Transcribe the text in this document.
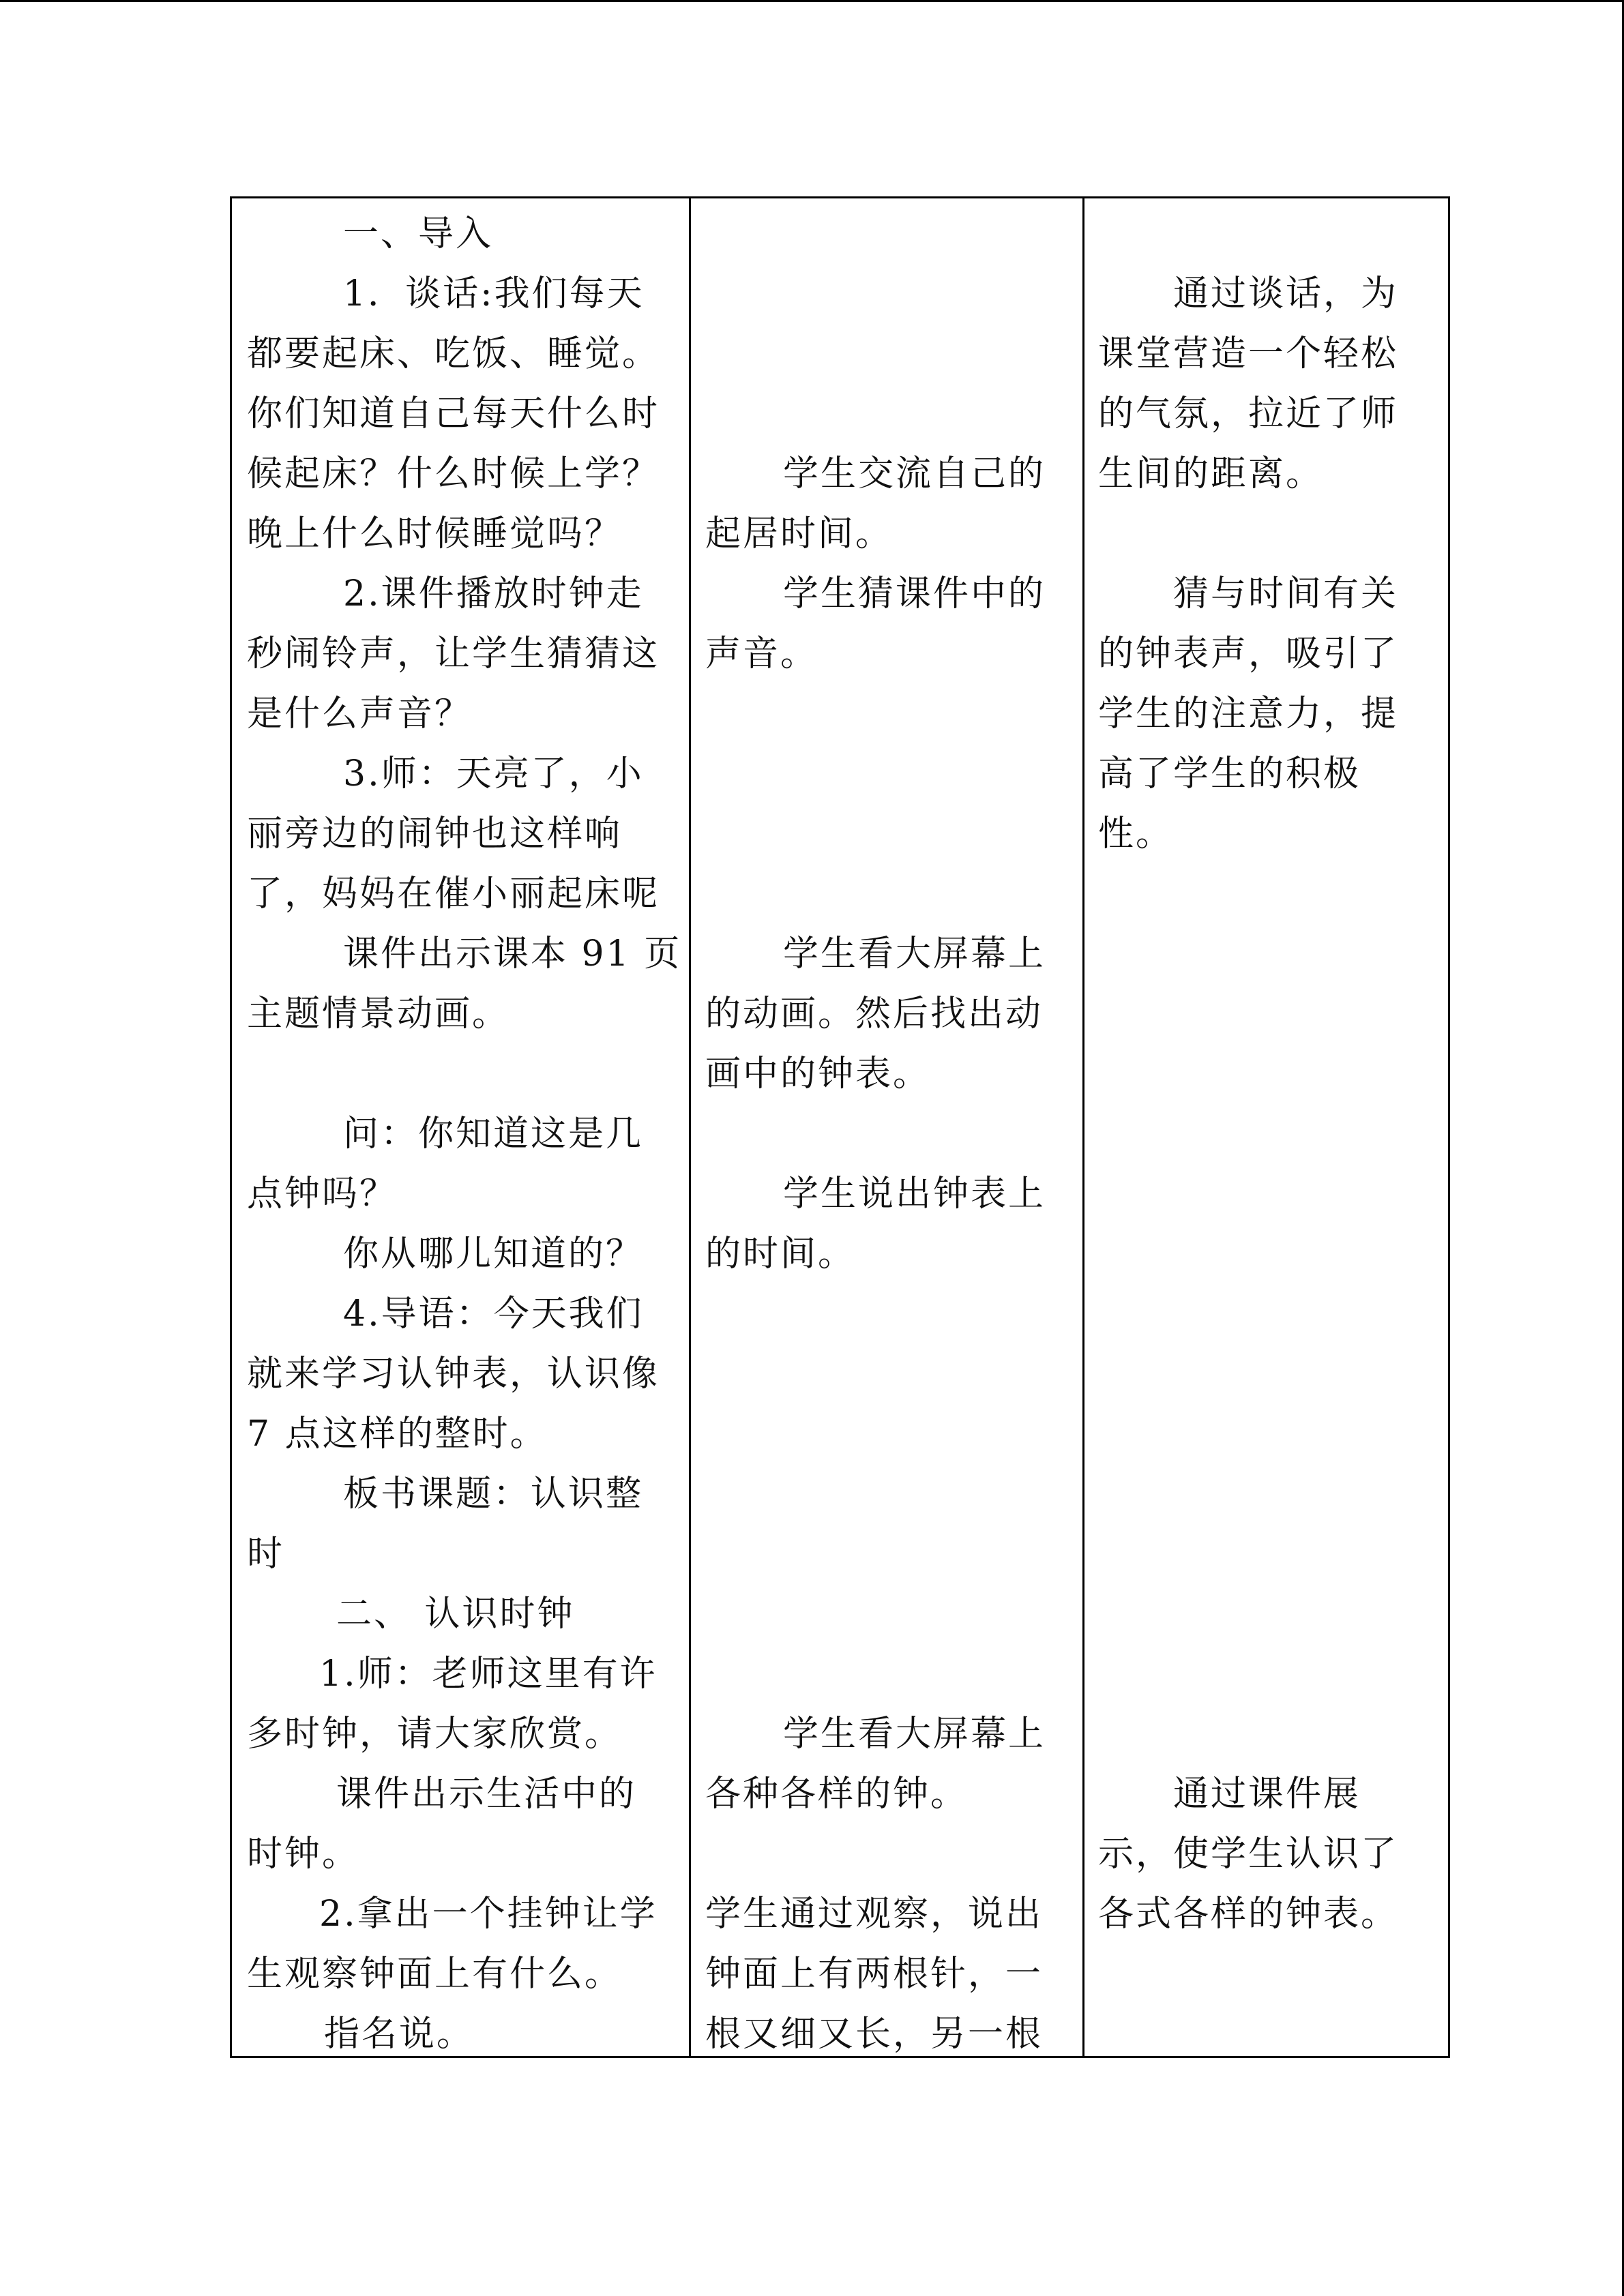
一、导入
1．谈话:我们每天
都要起床、吃饭、睡觉。
你们知道自己每天什么时
候起床？什么时候上学？
晚上什么时候睡觉吗？
2.课件播放时钟走
秒闹铃声，让学生猜猜这
是什么声音？
3.师：天亮了，小
丽旁边的闹钟也这样响
了，妈妈在催小丽起床呢
课件出示课本 91 页
主题情景动画。
问：你知道这是几
点钟吗？
你从哪儿知道的？
4.导语：今天我们
就来学习认钟表，认识像
7 点这样的整时。
板书课题：认识整
时
二、 认识时钟
1.师：老师这里有许
多时钟，请大家欣赏。
课件出示生活中的
时钟。
2.拿出一个挂钟让学
生观察钟面上有什么。
指名说。
学生交流自己的
起居时间。
学生猜课件中的
声音。
学生看大屏幕上
的动画。然后找出动
画中的钟表。
学生说出钟表上
的时间。
学生看大屏幕上
各种各样的钟。
学生通过观察，说出
钟面上有两根针，一
根又细又长，另一根
通过谈话，为
课堂营造一个轻松
的气氛，拉近了师
生间的距离。
猜与时间有关
的钟表声，吸引了
学生的注意力，提
高了学生的积极
性。
通过课件展
示，使学生认识了
各式各样的钟表。
